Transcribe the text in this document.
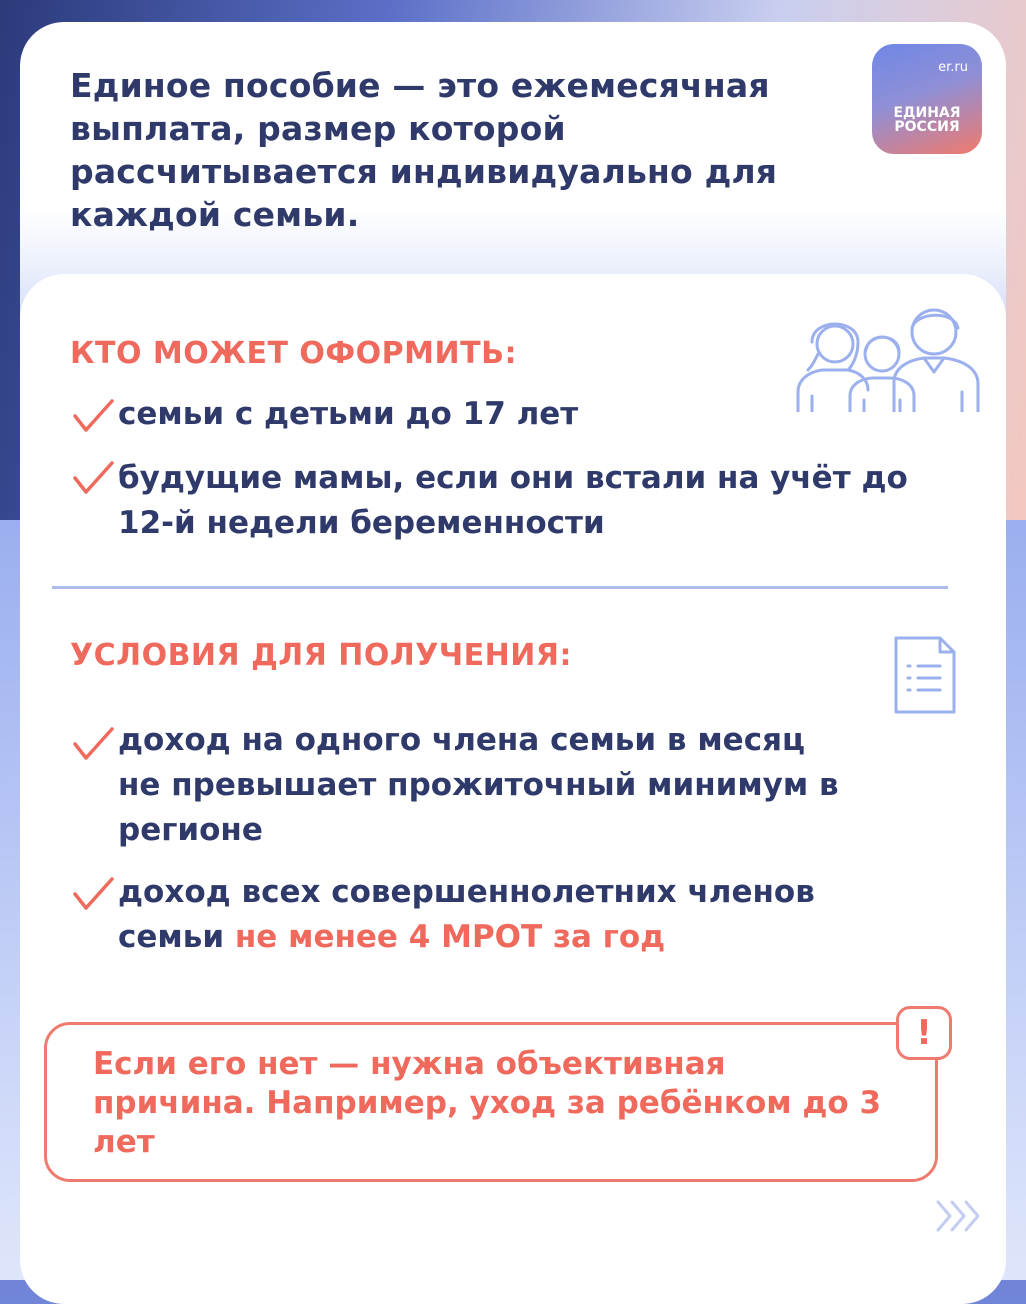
Единое пособие — это ежемесячная выплата, размер которой рассчитывается индивидуально для каждой семьи.
er.ru
ЕДИНАЯ
РОССИЯ
КТО МОЖЕТ ОФОРМИТЬ:
семьи с детьми до 17 лет
будущие мамы, если они встали на учёт до 12-й недели беременности
УСЛОВИЯ ДЛЯ ПОЛУЧЕНИЯ:
доход на одного члена семьи в месяц не превышает прожиточный минимум в регионе
доход всех совершеннолетних членов семьи не менее 4 МРОТ за год
Если его нет — нужна объективная причина. Например, уход за ребёнком до 3 лет
!
